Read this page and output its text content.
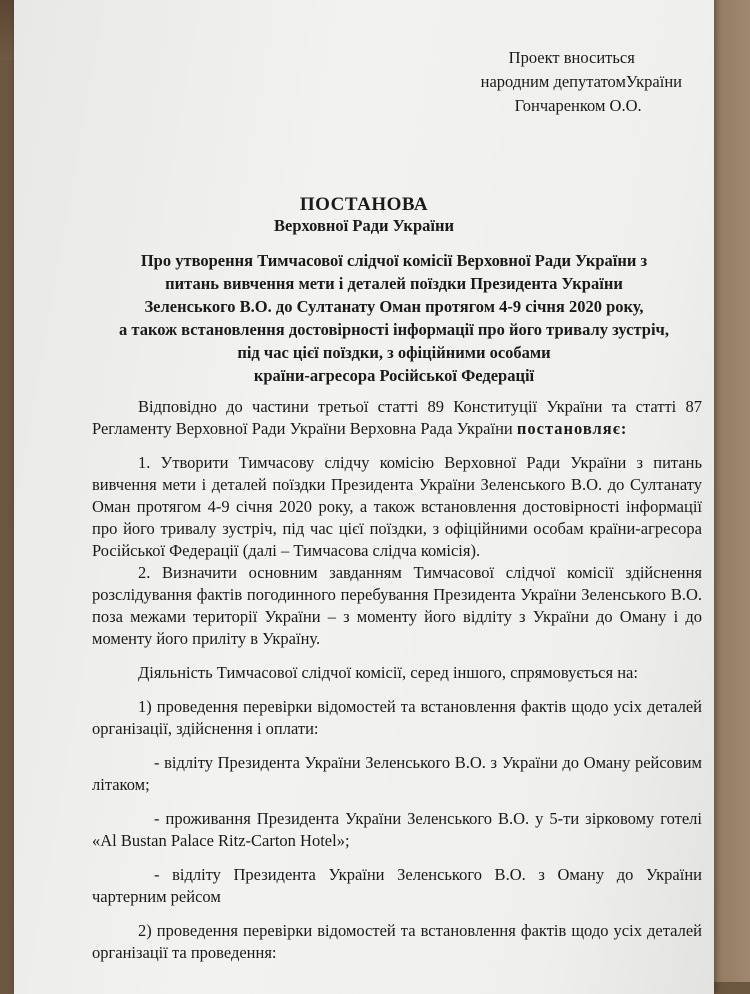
Проект вноситься
народним депутатомУкраїни
Гончаренком О.О.
ПОСТАНОВА
Верховної Ради України
Про утворення Тимчасової слідчої комісії Верховної Ради України з
питань вивчення мети і деталей поїздки Президента України
Зеленського В.О. до Султанату Оман протягом 4-9 січня 2020 року,
а також встановлення достовірності інформації про його тривалу зустріч,
під час цієї поїздки, з офіційними особами
країни-агресора Російської Федерації

Відповідно до частини третьої статті 89 Конституції України та статті 87 Регламенту Верховної Ради України Верховна Рада України постановляє:

1. Утворити Тимчасову слідчу комісію Верховної Ради України з питань вивчення мети і деталей поїздки Президента України Зеленського В.О. до Султанату Оман протягом 4-9 січня 2020 року, а також встановлення достовірності інформації про його тривалу зустріч, під час цієї поїздки, з офіційними особам країни-агресора Російської Федерації (далі – Тимчасова слідча комісія).

2. Визначити основним завданням Тимчасової слідчої комісії здійснення розслідування фактів погодинного перебування Президента України Зеленського В.О. поза межами території України – з моменту його відліту з України до Оману і до моменту його приліту в Україну.

Діяльність Тимчасової слідчої комісії, серед іншого, спрямовується на:

1) проведення перевірки відомостей та встановлення фактів щодо усіх деталей організації, здійснення і оплати:

- відліту Президента України Зеленського В.О. з України до Оману рейсовим літаком;

- проживання Президента України Зеленського В.О. у 5-ти зірковому готелі «Al Bustan Palace Ritz-Carton Hotel»;

- відліту Президента України Зеленського В.О. з Оману до України чартерним рейсом

2) проведення перевірки відомостей та встановлення фактів щодо усіх деталей організації та проведення:
